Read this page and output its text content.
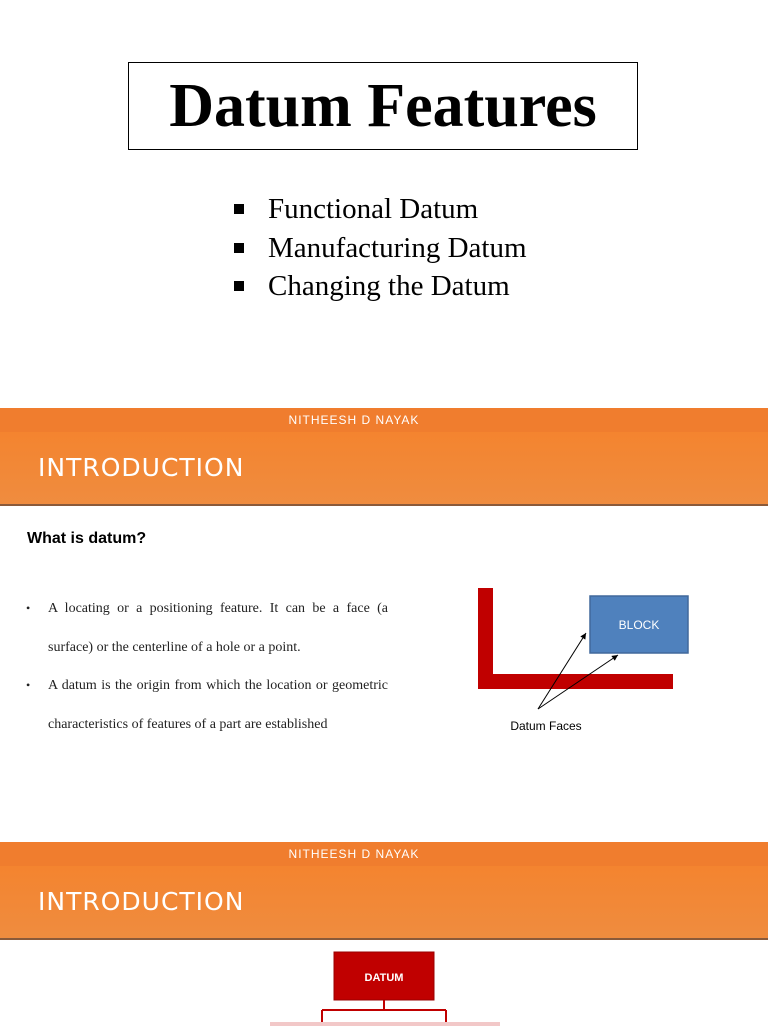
Datum Features
Functional Datum
Manufacturing Datum
Changing the Datum
NITHEESH D NAYAK
INTRODUCTION

What is datum?

• A locating or a positioning feature. It can be a face (a surface) or the centerline of a hole or a point.
• A datum is the origin from which the location or geometric characteristics of features of a part are established
BLOCK
Datum Faces
NITHEESH D NAYAK
INTRODUCTION
DATUM
